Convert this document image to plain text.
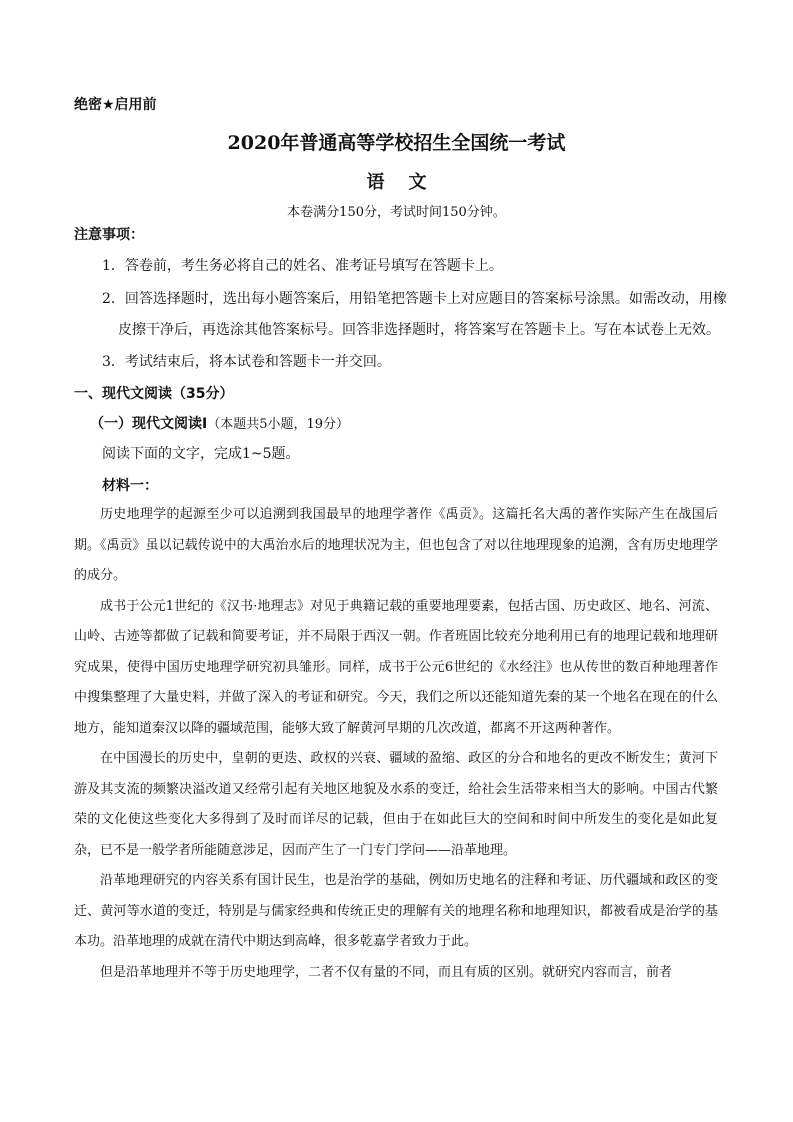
绝密★启用前
2020年普通高等学校招生全国统一考试
语文
本卷满分150分，考试时间150分钟。
注意事项：
1．答卷前，考生务必将自己的姓名、准考证号填写在答题卡上。
2．回答选择题时，选出每小题答案后，用铅笔把答题卡上对应题目的答案标号涂黑。如需改动，用橡
皮擦干净后，再选涂其他答案标号。回答非选择题时，将答案写在答题卡上。写在本试卷上无效。
3．考试结束后，将本试卷和答题卡一并交回。
一、现代文阅读（35分）
（一）现代文阅读Ⅰ（本题共5小题，19分）
阅读下面的文字，完成1~5题。
材料一：

历史地理学的起源至少可以追溯到我国最早的地理学著作《禹贡》。这篇托名大禹的著作实际产生在战国后期。《禹贡》虽以记载传说中的大禹治水后的地理状况为主，但也包含了对以往地理现象的追溯，含有历史地理学的成分。

成书于公元1世纪的《汉书·地理志》对见于典籍记载的重要地理要素，包括古国、历史政区、地名、河流、山岭、古迹等都做了记载和简要考证，并不局限于西汉一朝。作者班固比较充分地利用已有的地理记载和地理研究成果，使得中国历史地理学研究初具雏形。同样，成书于公元6世纪的《水经注》也从传世的数百种地理著作中搜集整理了大量史料，并做了深入的考证和研究。今天，我们之所以还能知道先秦的某一个地名在现在的什么地方，能知道秦汉以降的疆域范围，能够大致了解黄河早期的几次改道，都离不开这两种著作。

在中国漫长的历史中，皇朝的更迭、政权的兴衰、疆域的盈缩、政区的分合和地名的更改不断发生；黄河下游及其支流的频繁决溢改道又经常引起有关地区地貌及水系的变迁，给社会生活带来相当大的影响。中国古代繁荣的文化使这些变化大多得到了及时而详尽的记载，但由于在如此巨大的空间和时间中所发生的变化是如此复杂，已不是一般学者所能随意涉足，因而产生了一门专门学问——沿革地理。

沿革地理研究的内容关系有国计民生，也是治学的基础，例如历史地名的注释和考证、历代疆域和政区的变迁、黄河等水道的变迁，特别是与儒家经典和传统正史的理解有关的地理名称和地理知识，都被看成是治学的基本功。沿革地理的成就在清代中期达到高峰，很多乾嘉学者致力于此。

但是沿革地理并不等于历史地理学，二者不仅有量的不同，而且有质的区别。就研究内容而言，前者
